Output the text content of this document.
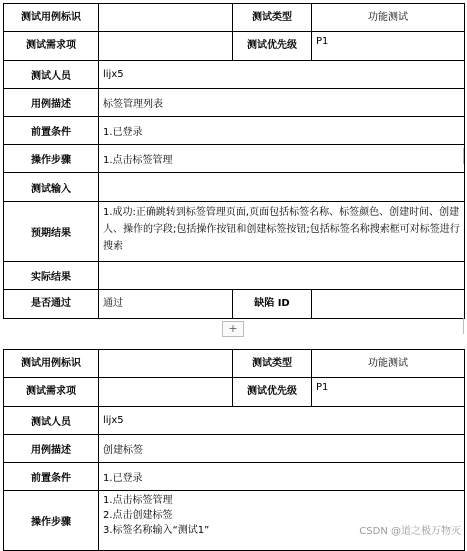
测试用例标识		测试类型	功能测试
测试需求项		测试优先级	P1
测试人员	lijx5		
用例描述	标签管理列表		
前置条件	1.已登录		
操作步骤	1.点击标签管理		
测试输入			
预期结果	1.成功:正确跳转到标签管理页面,页面包括标签名称、标签颜色、创建时间、创建人、操作的字段;包括操作按钮和创建标签按钮;包括标签名称搜索框可对标签进行搜索		
实际结果			
是否通过	通过	缺陷 ID	
+
测试用例标识		测试类型	功能测试
测试需求项		测试优先级	P1
测试人员	lijx5		
用例描述	创建标签		
前置条件	1.已登录		
操作步骤	1.点击标签管理
2.点击创建标签
3.标签名称输入“测试1”			CSDN @道之极万物灭
